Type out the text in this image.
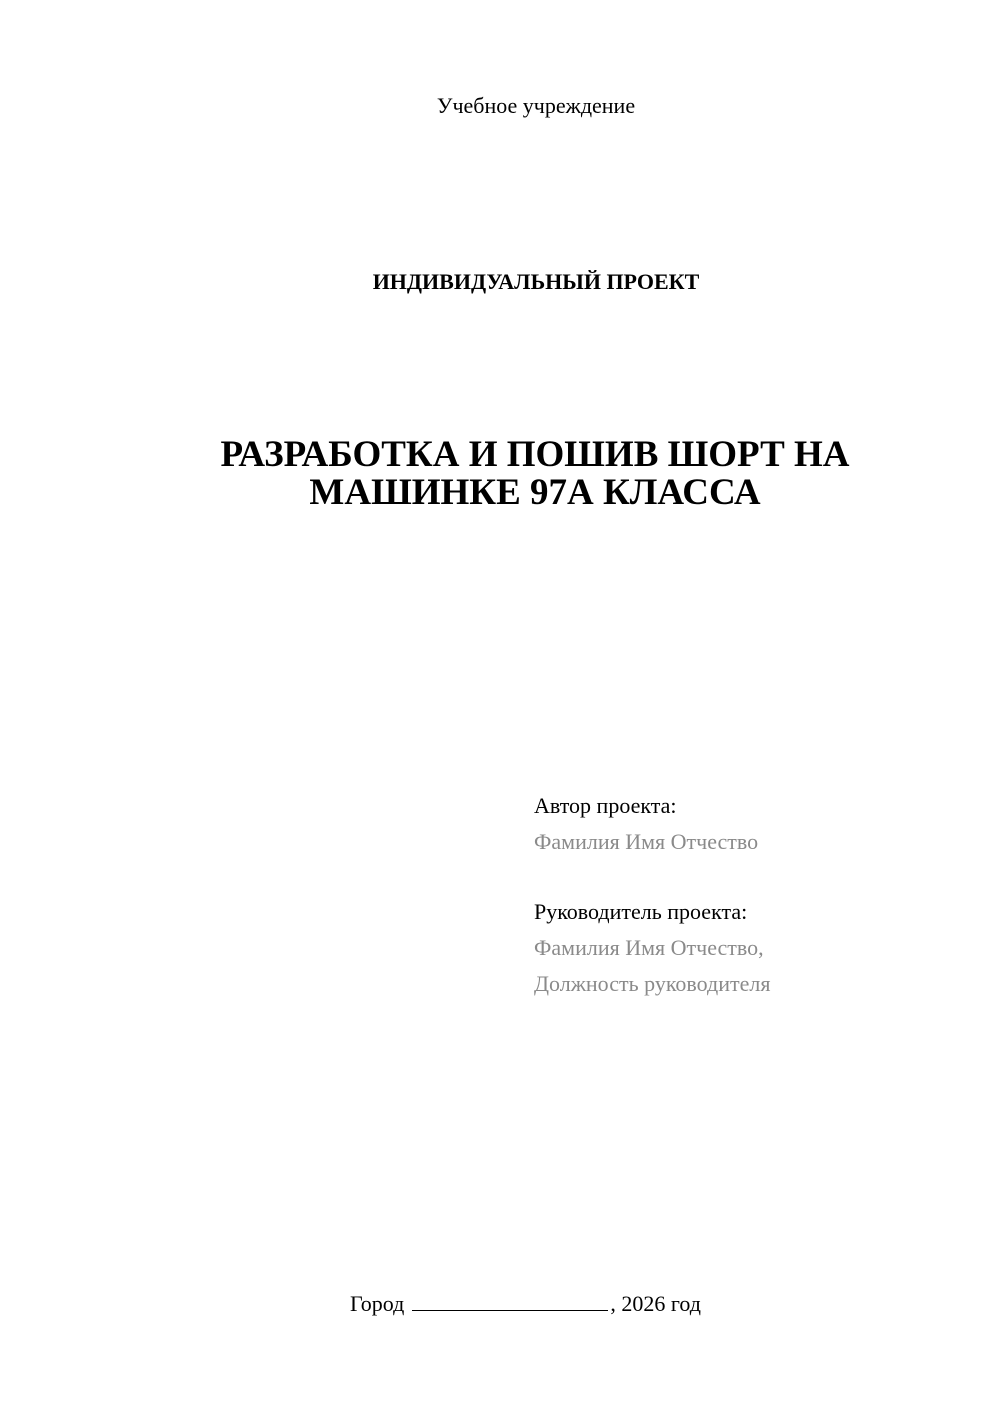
Учебное учреждение
ИНДИВИДУАЛЬНЫЙ ПРОЕКТ
РАЗРАБОТКА И ПОШИВ ШОРТ НА
МАШИНКЕ 97А КЛАССА
Автор проекта:
Фамилия Имя Отчество
Руководитель проекта:
Фамилия Имя Отчество,
Должность руководителя
Город	, 2026 год
